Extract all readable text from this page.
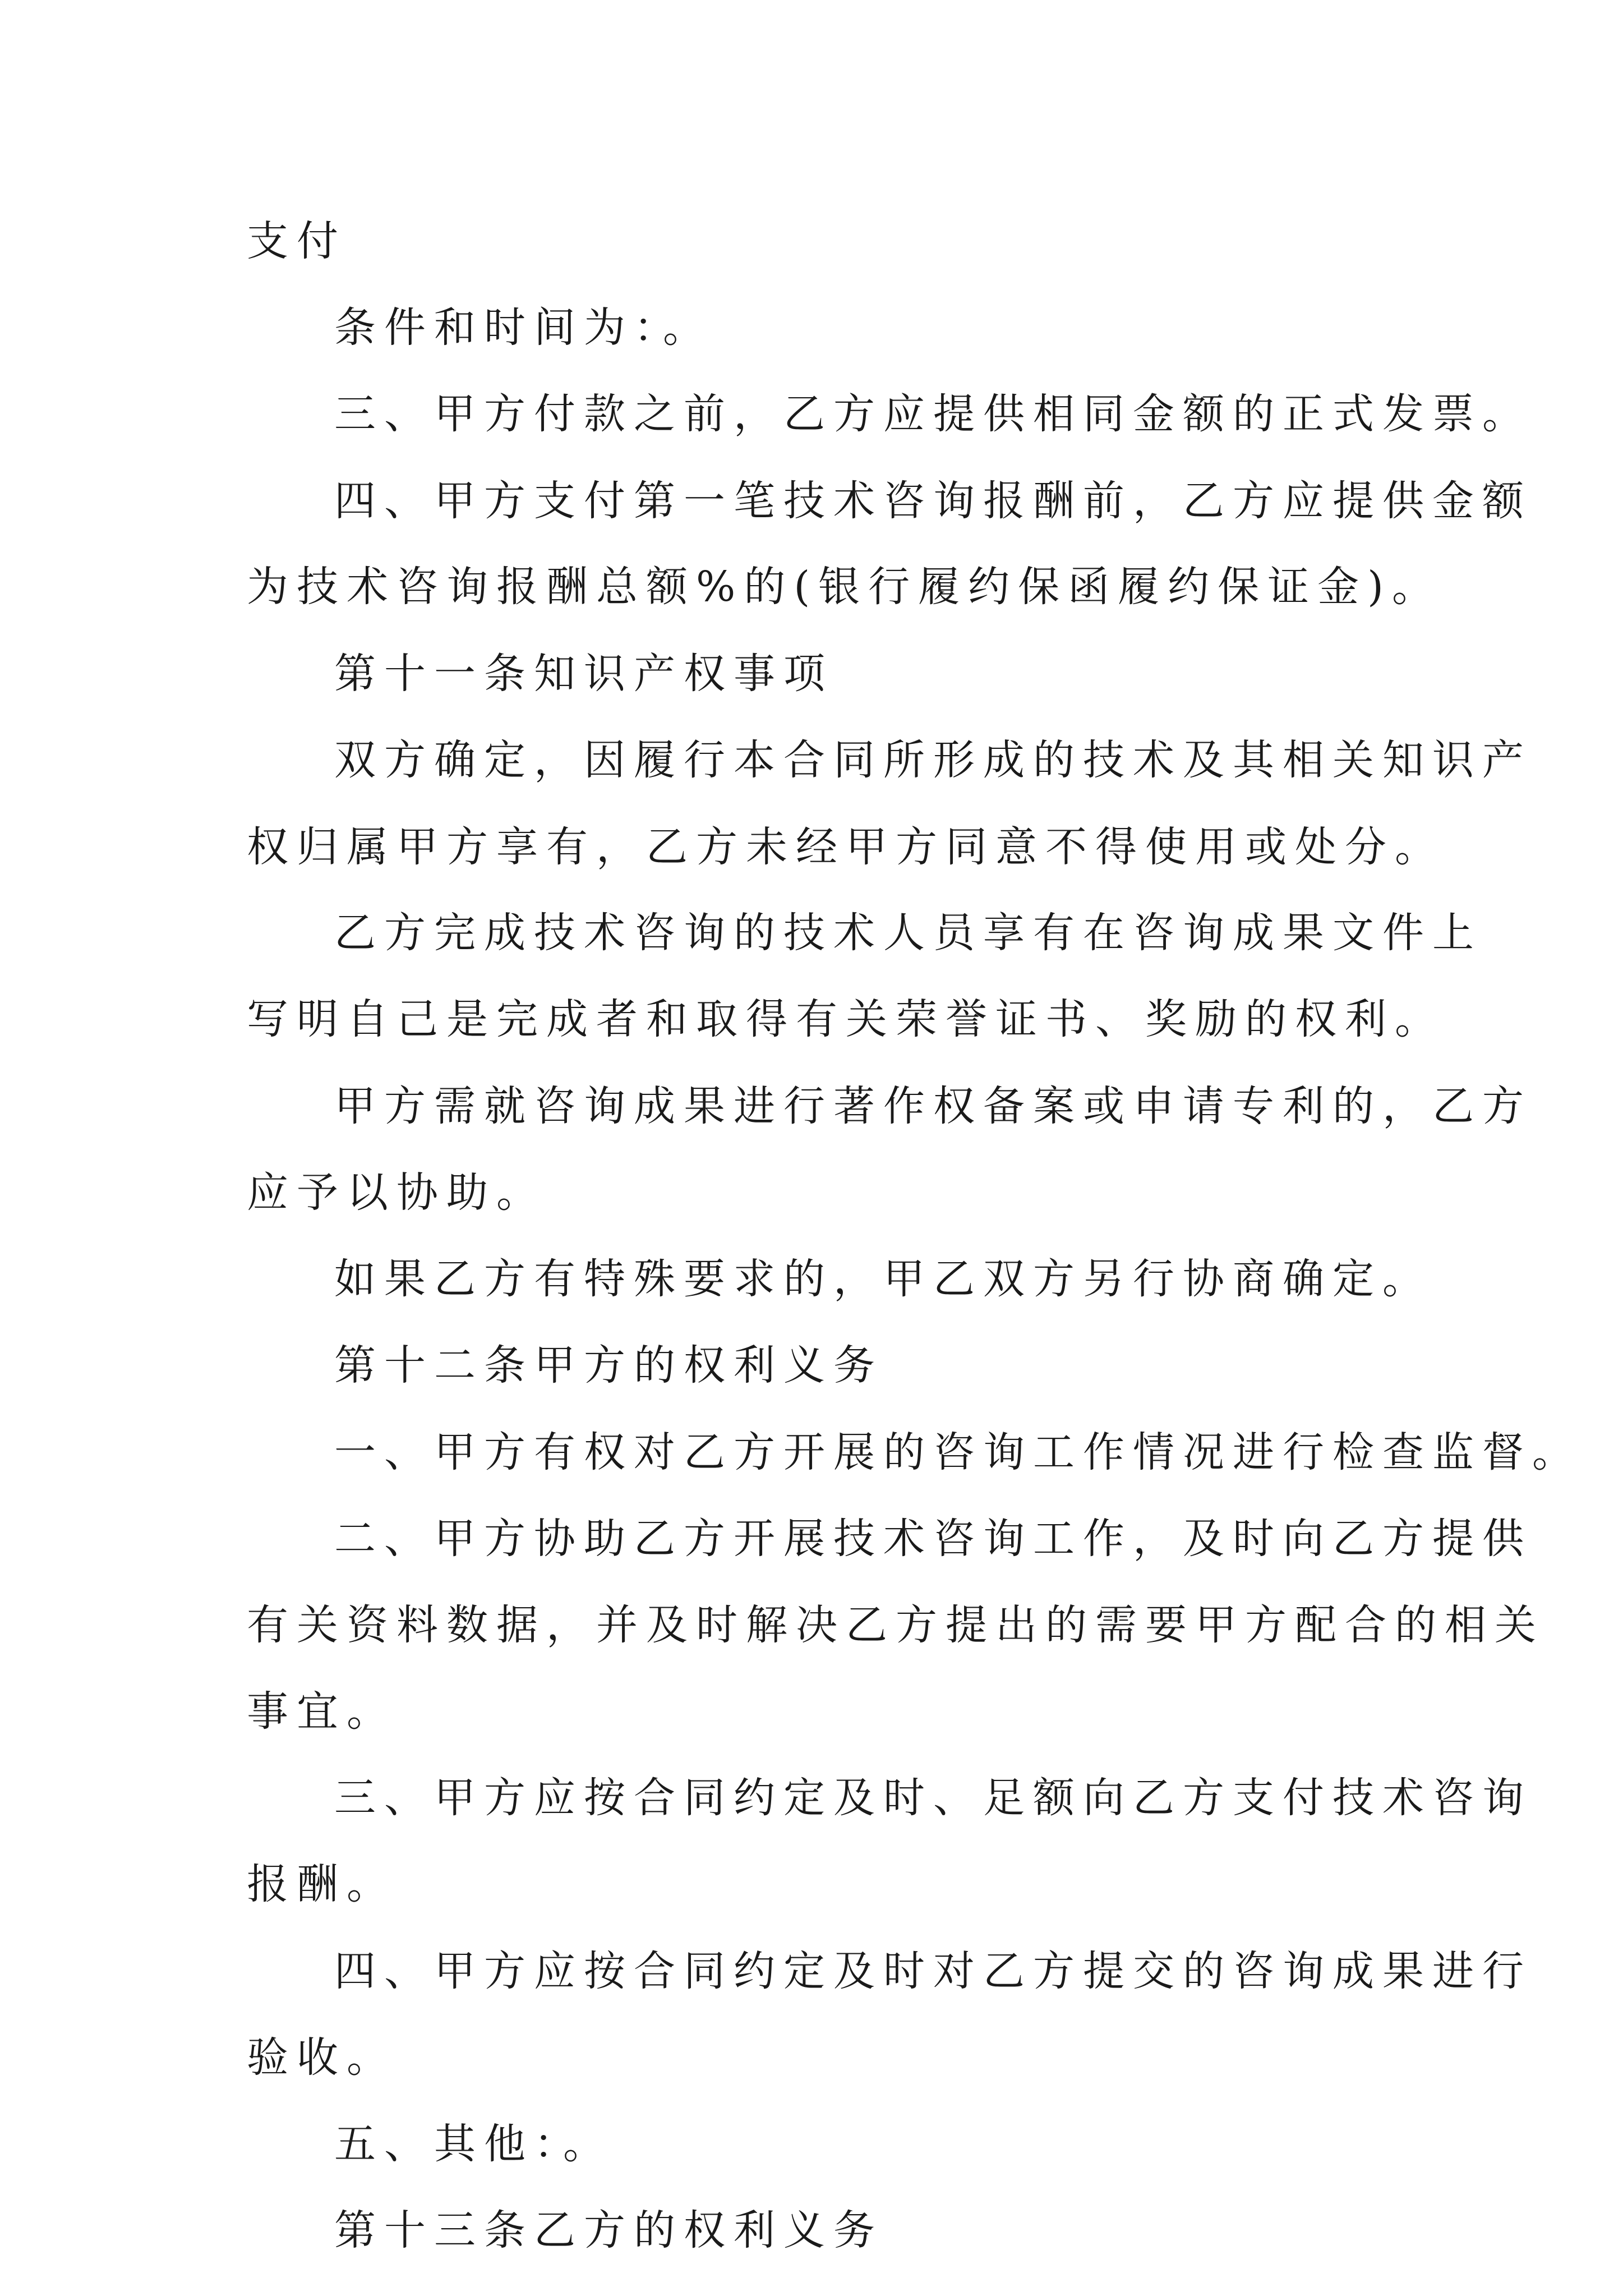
支付

条件和时间为：。

三、甲方付款之前，乙方应提供相同金额的正式发票。

四、甲方支付第一笔技术咨询报酬前，乙方应提供金额

为技术咨询报酬总额%的(银行履约保函履约保证金)。

第十一条知识产权事项

双方确定，因履行本合同所形成的技术及其相关知识产

权归属甲方享有，乙方未经甲方同意不得使用或处分。

乙方完成技术咨询的技术人员享有在咨询成果文件上

写明自己是完成者和取得有关荣誉证书、奖励的权利。

甲方需就咨询成果进行著作权备案或申请专利的，乙方

应予以协助。

如果乙方有特殊要求的，甲乙双方另行协商确定。

第十二条甲方的权利义务

一、甲方有权对乙方开展的咨询工作情况进行检查监督。

二、甲方协助乙方开展技术咨询工作，及时向乙方提供

有关资料数据，并及时解决乙方提出的需要甲方配合的相关

事宜。

三、甲方应按合同约定及时、足额向乙方支付技术咨询

报酬。

四、甲方应按合同约定及时对乙方提交的咨询成果进行

验收。

五、其他：。

第十三条乙方的权利义务
